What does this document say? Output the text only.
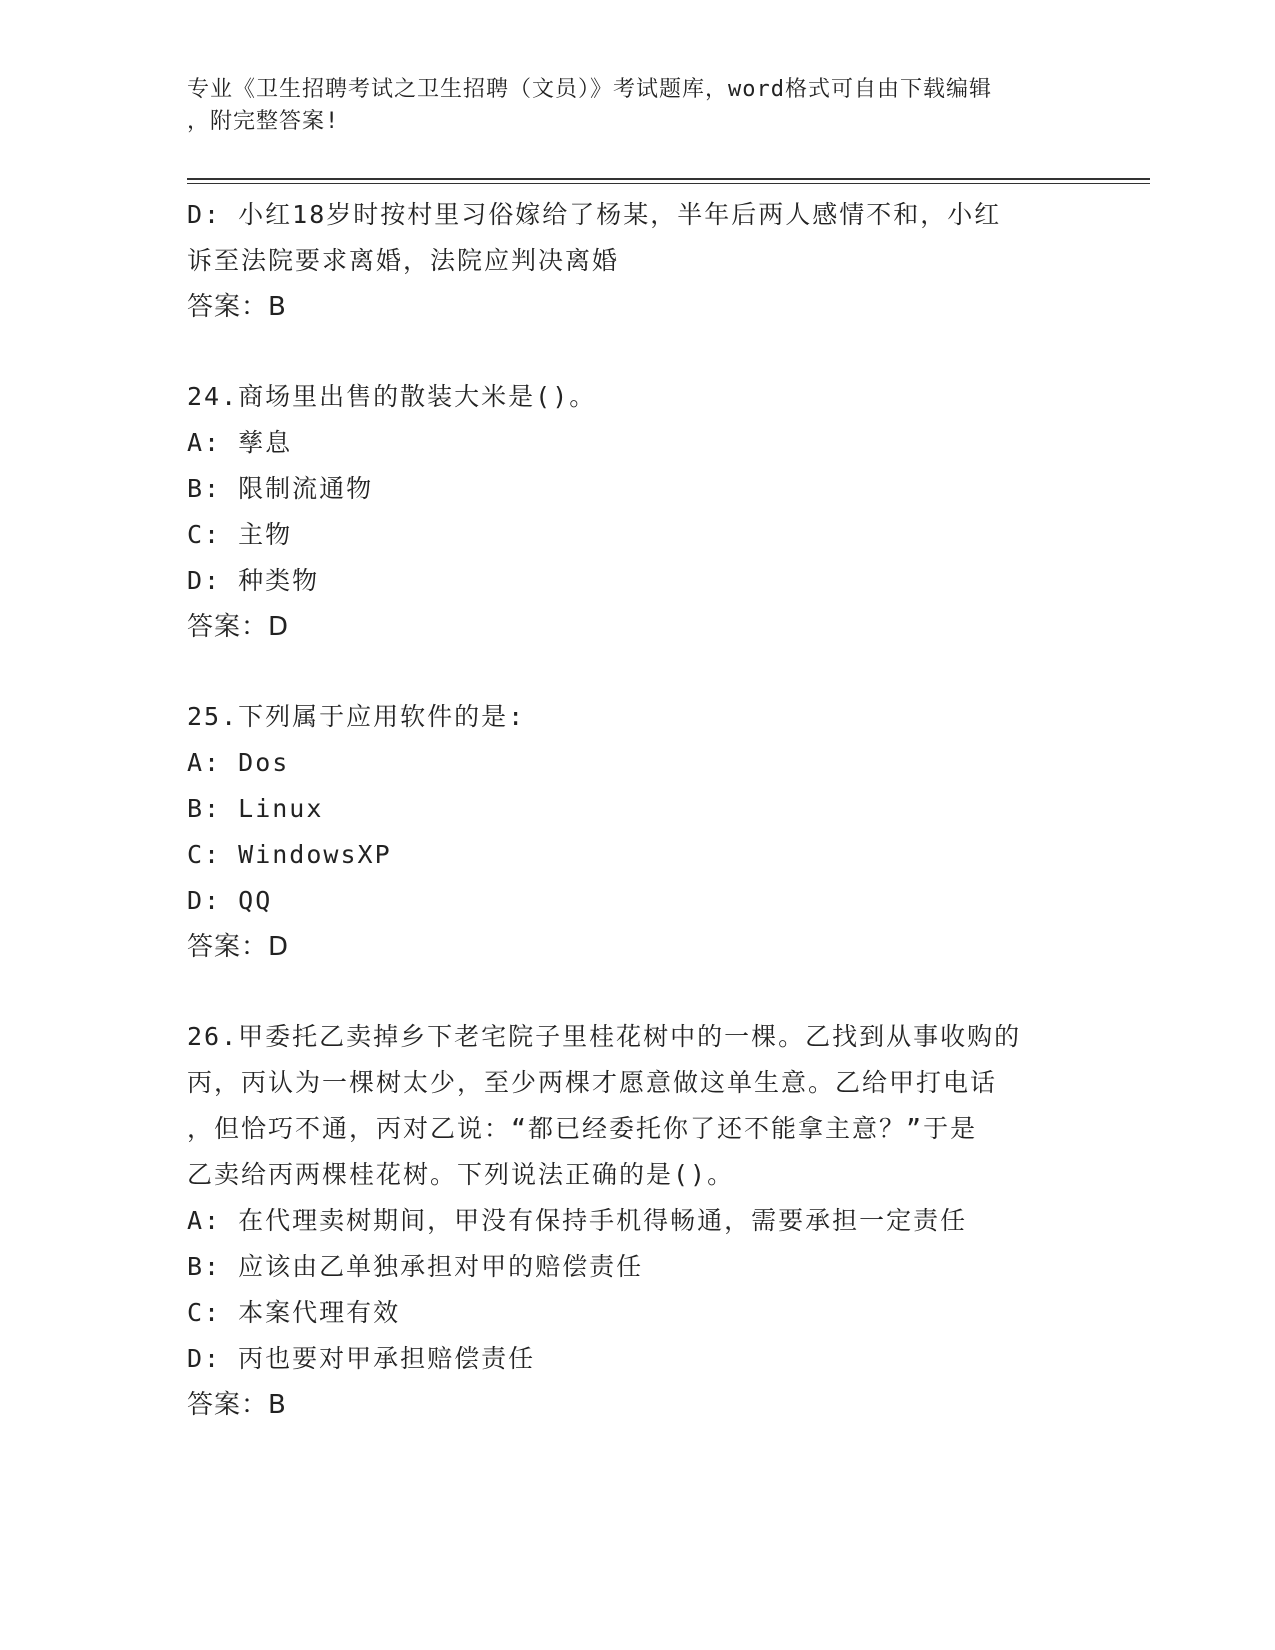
专业《卫生招聘考试之卫生招聘（文员）》考试题库，word格式可自由下载编辑
，附完整答案!
D: 小红18岁时按村里习俗嫁给了杨某，半年后两人感情不和，小红
诉至法院要求离婚，法院应判决离婚
答案：B
24.商场里出售的散装大米是()。
A: 孳息
B: 限制流通物
C: 主物
D: 种类物
答案：D
25.下列属于应用软件的是:
A: Dos
B: Linux
C: WindowsXP
D: QQ
答案：D
26.甲委托乙卖掉乡下老宅院子里桂花树中的一棵。乙找到从事收购的
丙，丙认为一棵树太少，至少两棵才愿意做这单生意。乙给甲打电话
，但恰巧不通，丙对乙说：“都已经委托你了还不能拿主意？”于是
乙卖给丙两棵桂花树。下列说法正确的是()。
A: 在代理卖树期间，甲没有保持手机得畅通，需要承担一定责任
B: 应该由乙单独承担对甲的赔偿责任
C: 本案代理有效
D: 丙也要对甲承担赔偿责任
答案：B
